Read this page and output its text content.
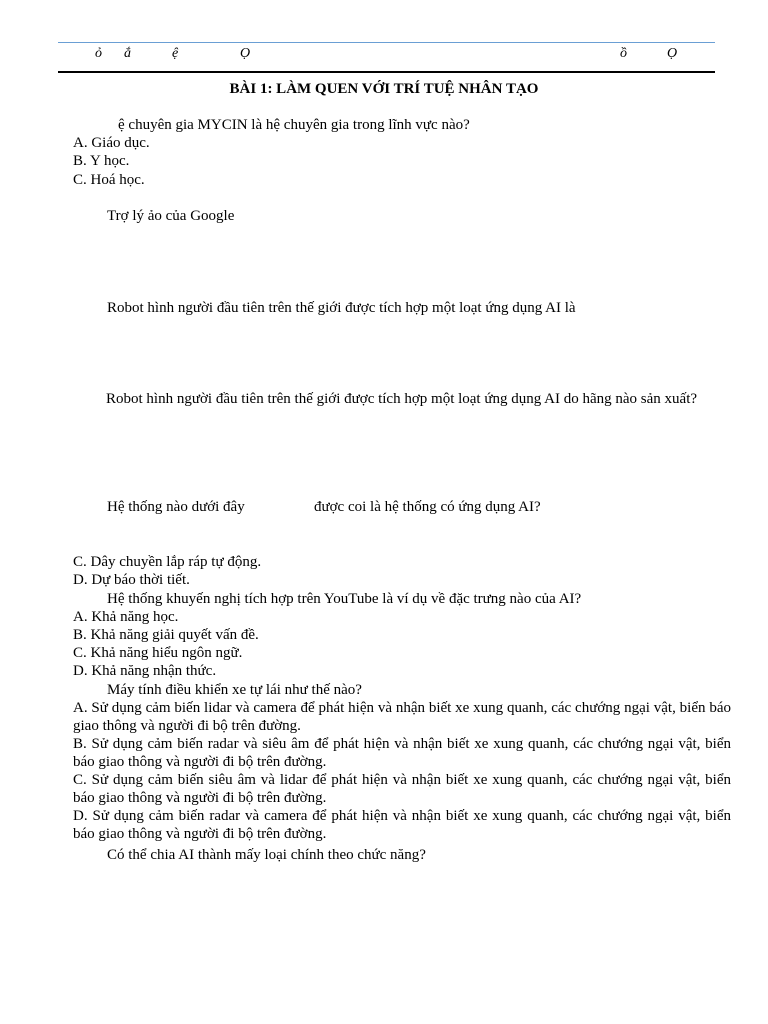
ỏ ắ	ệ	Ọ	ồ	Ọ
BÀI 1: LÀM QUEN VỚI TRÍ TUỆ NHÂN TẠO
ệ chuyên gia MYCIN là hệ chuyên gia trong lĩnh vực nào?
A. Giáo dục.
B. Y học.
C. Hoá học.
Trợ lý ảo của Google
Robot hình người đầu tiên trên thế giới được tích hợp một loạt ứng dụng AI là
Robot hình người đầu tiên trên thế giới được tích hợp một loạt ứng dụng AI do hãng nào sản xuất?
Hệ thống nào dưới đây	được coi là hệ thống có ứng dụng AI?
C. Dây chuyền lắp ráp tự động.
D. Dự báo thời tiết.
Hệ thống khuyến nghị tích hợp trên YouTube là ví dụ về đặc trưng nào của AI?
A. Khả năng học.
B. Khả năng giải quyết vấn đề.
C. Khả năng hiểu ngôn ngữ.
D. Khả năng nhận thức.
Máy tính điều khiển xe tự lái như thế nào?
A. Sử dụng cảm biến lidar và camera để phát hiện và nhận biết xe xung quanh, các chướng ngại vật, biển báo giao thông và người đi bộ trên đường.
B. Sử dụng cảm biến radar và siêu âm để phát hiện và nhận biết xe xung quanh, các chướng ngại vật, biển báo giao thông và người đi bộ trên đường.
C. Sử dụng cảm biến siêu âm và lidar để phát hiện và nhận biết xe xung quanh, các chướng ngại vật, biển báo giao thông và người đi bộ trên đường.
D. Sử dụng cảm biến radar và camera để phát hiện và nhận biết xe xung quanh, các chướng ngại vật, biển báo giao thông và người đi bộ trên đường.
Có thể chia AI thành mấy loại chính theo chức năng?
